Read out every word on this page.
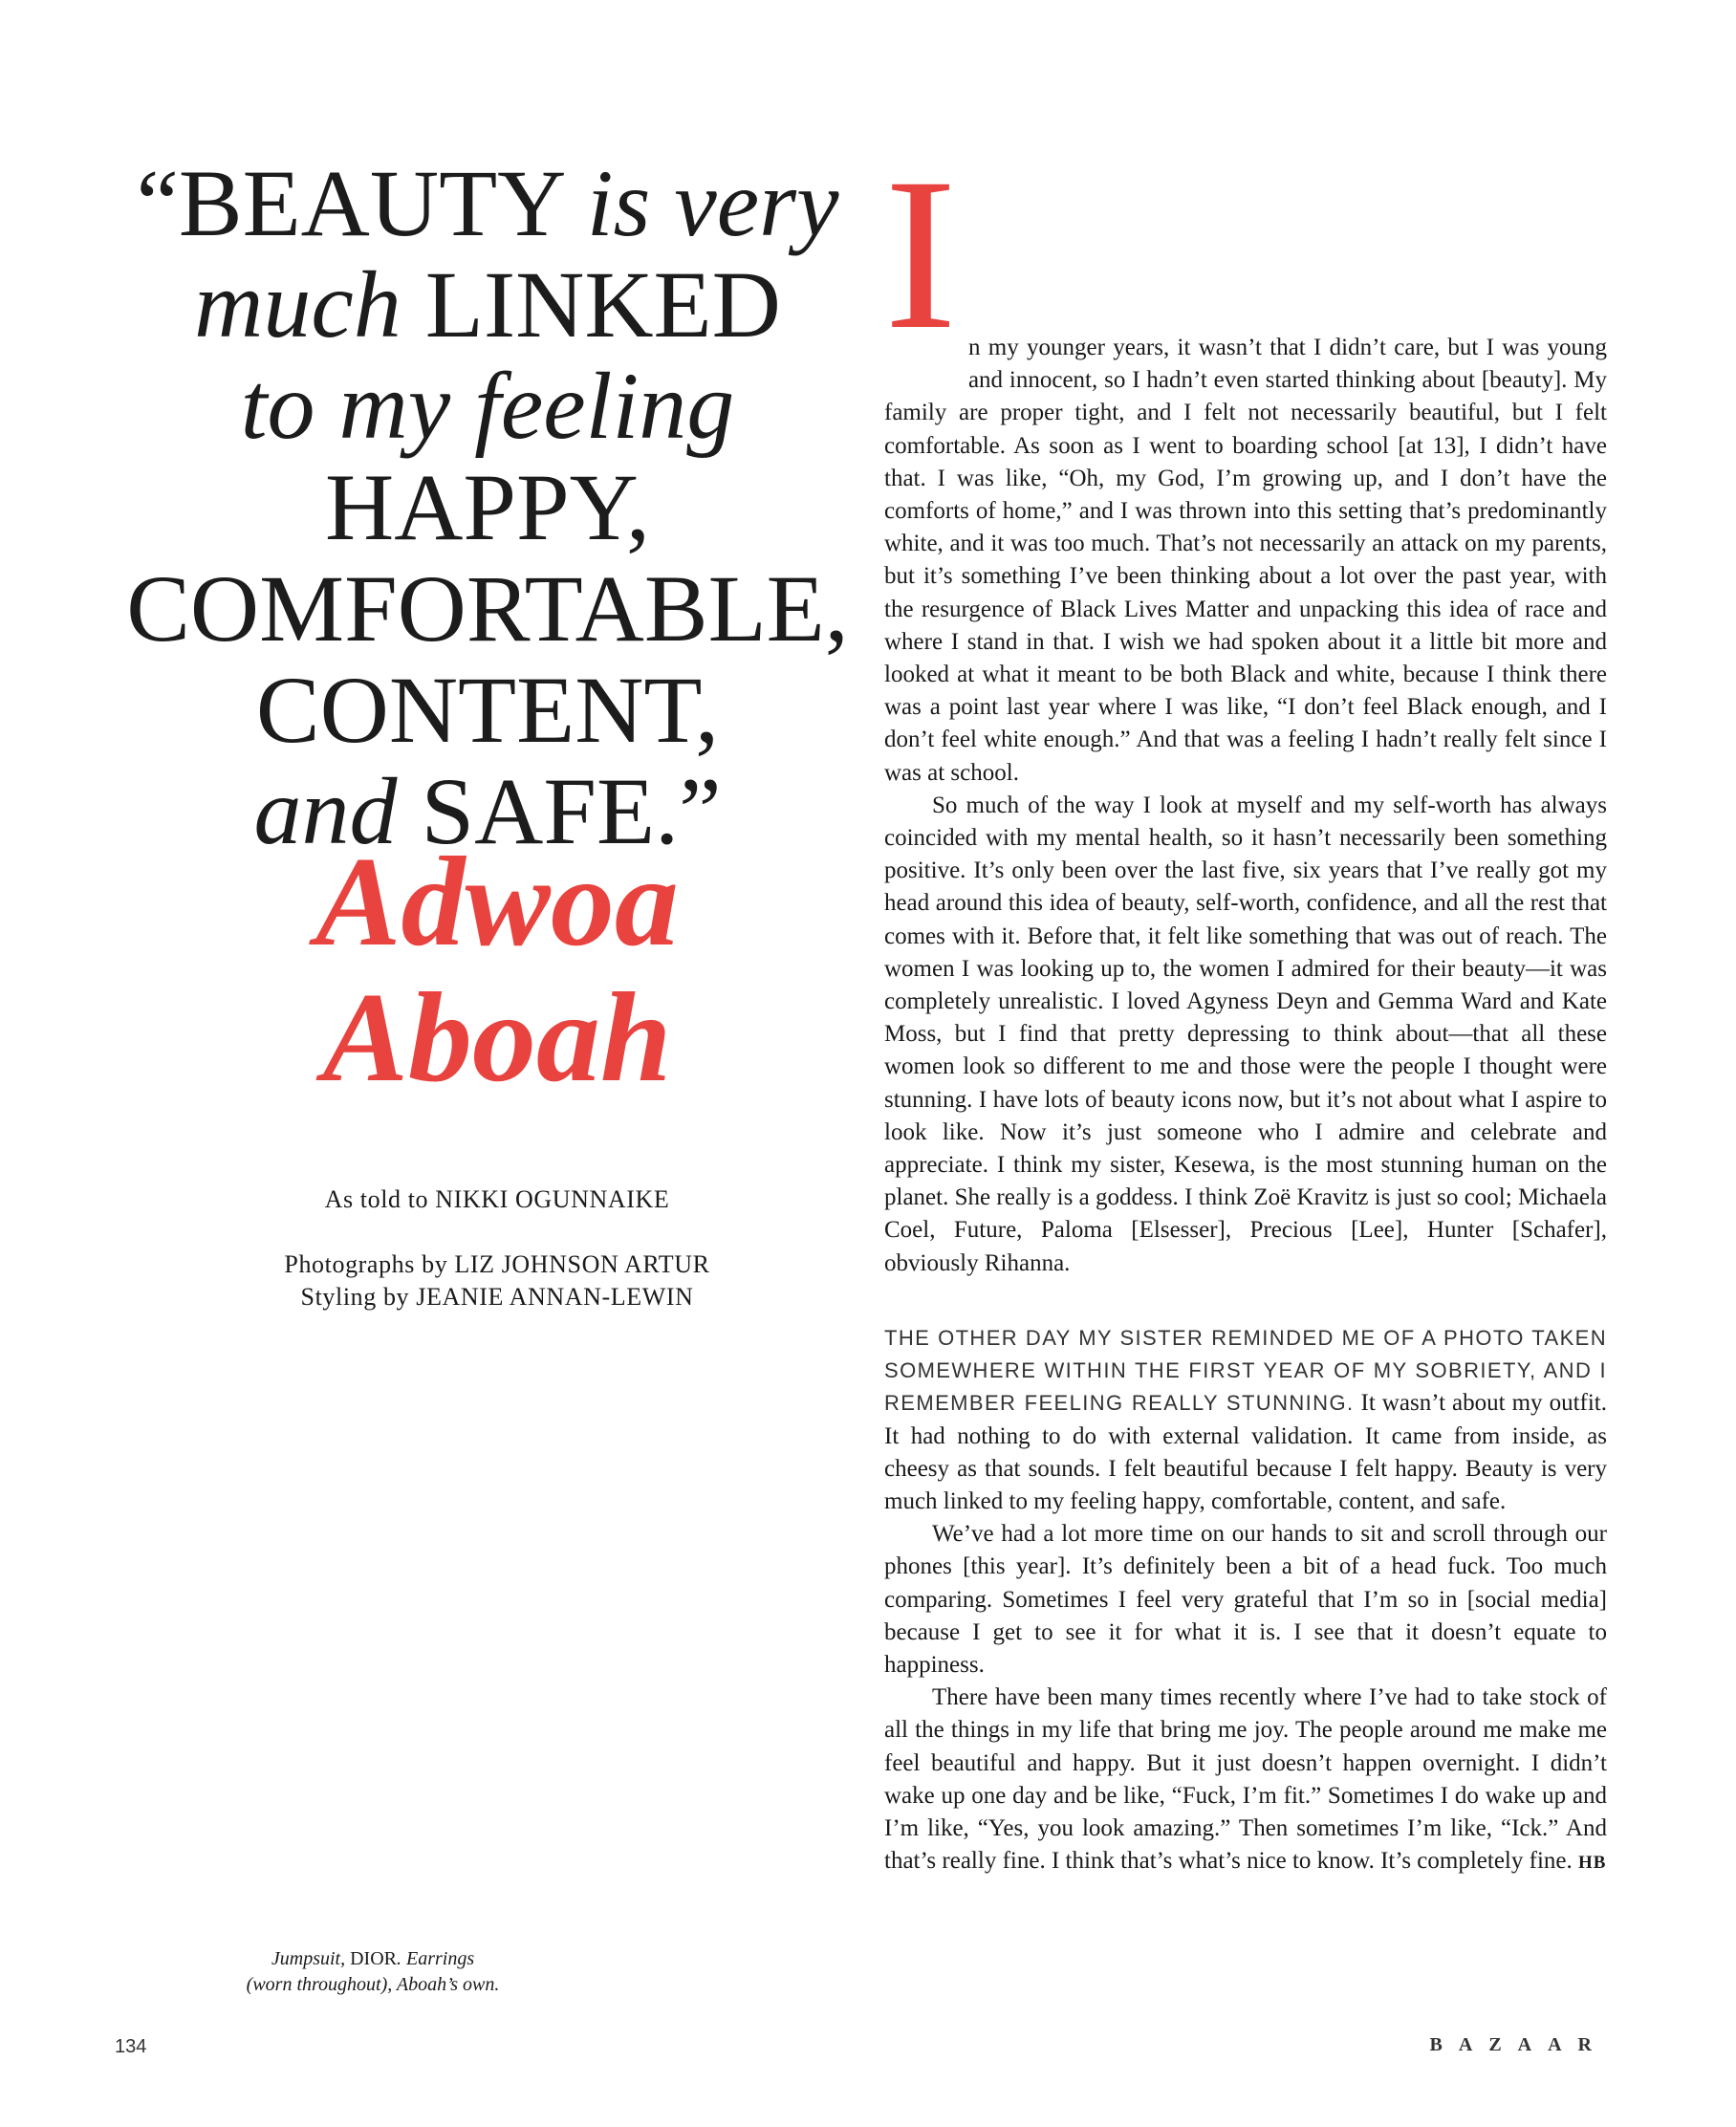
“BEAUTY is very
much LINKED
to my feeling
HAPPY,
COMFORTABLE,
CONTENT,
and SAFE.”
Adwoa
Aboah

As told to NIKKI OGUNNAIKE

Photographs by LIZ JOHNSON ARTUR

Styling by JEANIE ANNAN-LEWIN

Jumpsuit, DIOR. Earrings
(worn throughout), Aboah’s own.
I n my younger years, it wasn’t that I didn’t care, but I was young and innocent, so I hadn’t even started thinking about [beauty]. My family are proper tight, and I felt not necessarily beautiful, but I felt comfortable. As soon as I went to boarding school [at 13], I didn’t have that. I was like, “Oh, my God, I’m growing up, and I don’t have the comforts of home,” and I was thrown into this setting that’s predominantly white, and it was too much. That’s not necessarily an attack on my parents, but it’s something I’ve been thinking about a lot over the past year, with the resurgence of Black Lives Matter and unpacking this idea of race and where I stand in that. I wish we had spoken about it a little bit more and looked at what it meant to be both Black and white, because I think there was a point last year where I was like, “I don’t feel Black enough, and I don’t feel white enough.” And that was a feeling I hadn’t really felt since I was at school.

So much of the way I look at myself and my self-worth has always coincided with my mental health, so it hasn’t necessarily been something positive. It’s only been over the last five, six years that I’ve really got my head around this idea of beauty, self-worth, confidence, and all the rest that comes with it. Before that, it felt like something that was out of reach. The women I was looking up to, the women I admired for their beauty—it was completely unrealistic. I loved Agyness Deyn and Gemma Ward and Kate Moss, but I find that pretty depressing to think about—that all these women look so different to me and those were the people I thought were stunning. I have lots of beauty icons now, but it’s not about what I aspire to look like. Now it’s just someone who I admire and celebrate and appreciate. I think my sister, Kesewa, is the most stunning human on the planet. She really is a goddess. I think Zoë Kravitz is just so cool; Michaela Coel, Future, Paloma [Elsesser], Precious [Lee], Hunter [Schafer], obviously Rihanna.

THE OTHER DAY MY SISTER REMINDED ME OF A PHOTO TAKEN SOMEWHERE WITHIN THE FIRST YEAR OF MY SOBRIETY, AND I REMEMBER FEELING REALLY STUNNING. It wasn’t about my outfit. It had nothing to do with external validation. It came from inside, as cheesy as that sounds. I felt beautiful because I felt happy. Beauty is very much linked to my feeling happy, comfortable, content, and safe.

We’ve had a lot more time on our hands to sit and scroll through our phones [this year]. It’s definitely been a bit of a head fuck. Too much comparing. Sometimes I feel very grateful that I’m so in [social media] because I get to see it for what it is. I see that it doesn’t equate to happiness.

There have been many times recently where I’ve had to take stock of all the things in my life that bring me joy. The people around me make me feel beautiful and happy. But it just doesn’t happen overnight. I didn’t wake up one day and be like, “Fuck, I’m fit.” Sometimes I do wake up and I’m like, “Yes, you look amazing.” Then sometimes I’m like, “Ick.” And that’s really fine. I think that’s what’s nice to know. It’s completely fine. HB

134	BAZAAR
